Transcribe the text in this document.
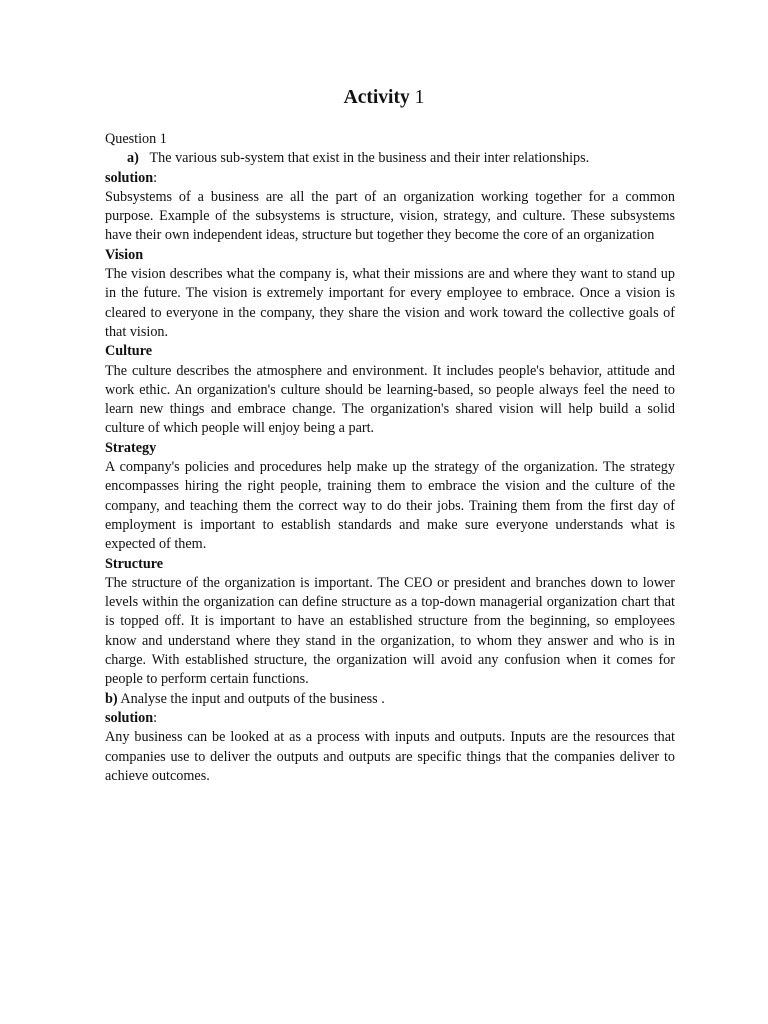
Activity 1

Question 1

a) The various sub-system that exist in the business and their inter relationships.

solution:

Subsystems of a business are all the part of an organization working together for a common purpose. Example of the subsystems is structure, vision, strategy, and culture. These subsystems have their own independent ideas, structure but together they become the core of an organization

Vision

The vision describes what the company is, what their missions are and where they want to stand up in the future. The vision is extremely important for every employee to embrace. Once a vision is cleared to everyone in the company, they share the vision and work toward the collective goals of that vision.

Culture

The culture describes the atmosphere and environment. It includes people's behavior, attitude and work ethic. An organization's culture should be learning-based, so people always feel the need to learn new things and embrace change. The organization's shared vision will help build a solid culture of which people will enjoy being a part.

Strategy

A company's policies and procedures help make up the strategy of the organization. The strategy encompasses hiring the right people, training them to embrace the vision and the culture of the company, and teaching them the correct way to do their jobs. Training them from the first day of employment is important to establish standards and make sure everyone understands what is expected of them.

Structure

The structure of the organization is important. The CEO or president and branches down to lower levels within the organization can define structure as a top-down managerial organization chart that is topped off. It is important to have an established structure from the beginning, so employees know and understand where they stand in the organization, to whom they answer and who is in charge. With established structure, the organization will avoid any confusion when it comes for people to perform certain functions.

b) Analyse the input and outputs of the business .

solution:

Any business can be looked at as a process with inputs and outputs. Inputs are the resources that companies use to deliver the outputs and outputs are specific things that the companies deliver to achieve outcomes.
